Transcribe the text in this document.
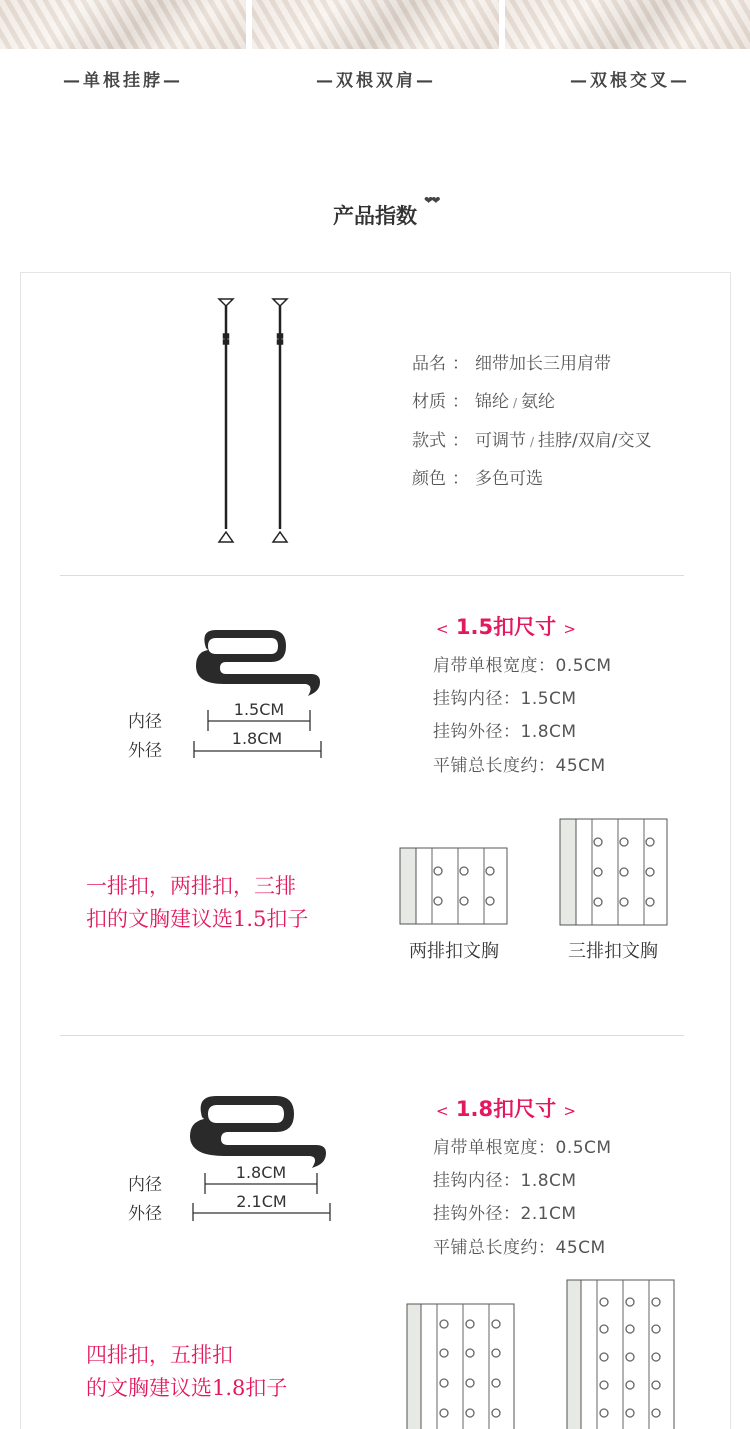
—单根挂脖—	—双根双肩—	—双根交叉—
产品指数
❤❤
品名 ： 细带加长三用肩带
材质 ： 锦纶 / 氨纶
款式 ： 可调节 / 挂脖/双肩/交叉
颜色 ： 多色可选
内径
外径
1.5CM
1.8CM
< 1.5扣尺寸 >
肩带单根宽度：0.5CM
挂钩内径：1.5CM
挂钩外径：1.8CM
平铺总长度约：45CM
一排扣，两排扣，三排
扣的文胸建议选1.5扣子
两排扣文胸	三排扣文胸
内径
外径
1.8CM
2.1CM
< 1.8扣尺寸 >
肩带单根宽度：0.5CM
挂钩内径：1.8CM
挂钩外径：2.1CM
平铺总长度约：45CM
四排扣，五排扣
的文胸建议选1.8扣子
